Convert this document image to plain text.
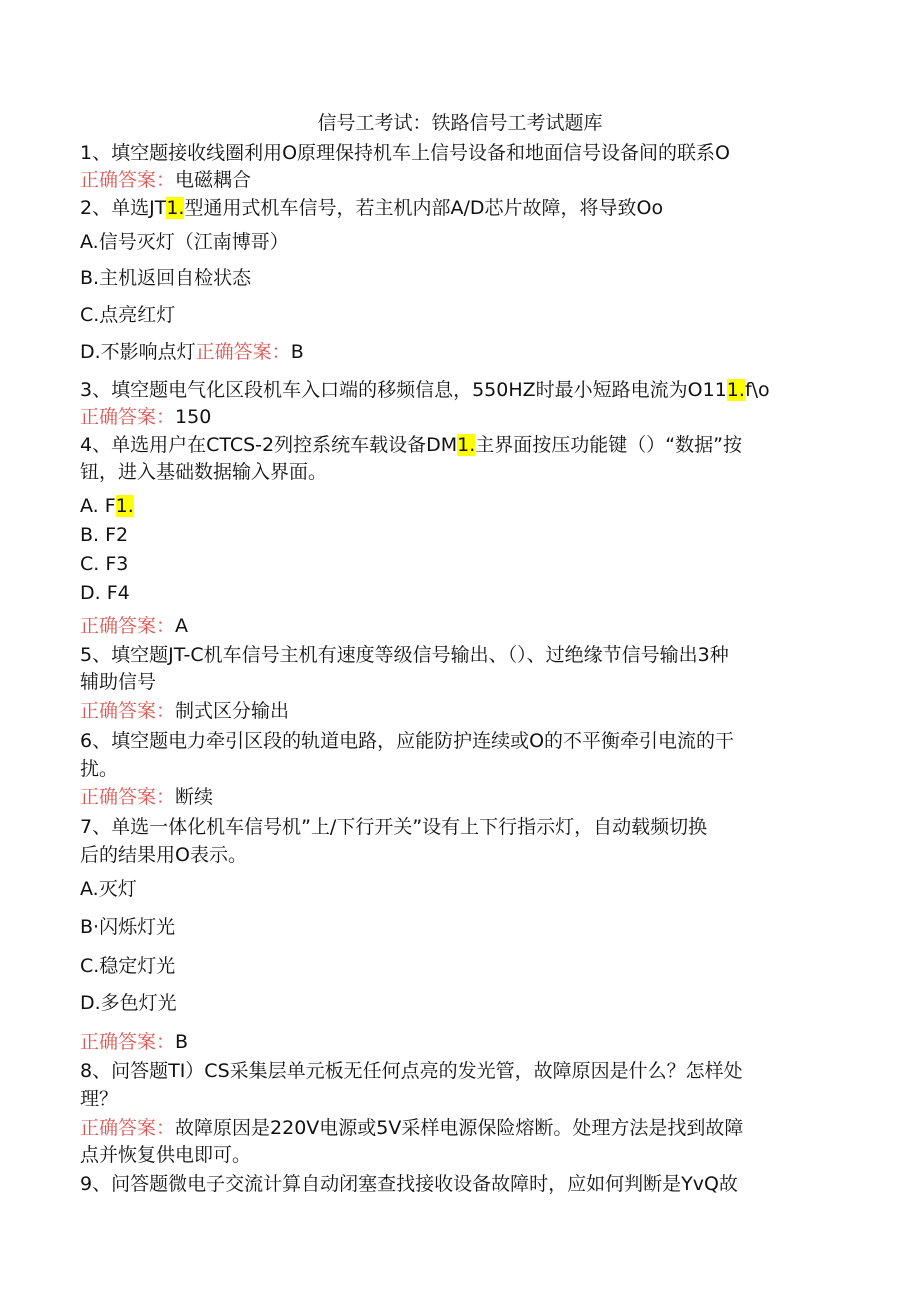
信号工考试：铁路信号工考试题库
1、填空题接收线圈利用O原理保持机车上信号设备和地面信号设备间的联系O
正确答案：电磁耦合
2、单选JT1.型通用式机车信号，若主机内部A/D芯片故障，将导致Oo
A.信号灭灯（江南博哥）
B.主机返回自检状态
C.点亮红灯
D.不影响点灯正确答案：B
3、填空题电气化区段机车入口端的移频信息，550HZ时最小短路电流为O111.f\o
正确答案：150
4、单选用户在CTCS-2列控系统车载设备DM1.主界面按压功能键（）“数据”按
钮，进入基础数据输入界面。
A. F1.
B. F2
C. F3
D. F4
正确答案：A
5、填空题JT-C机车信号主机有速度等级信号输出、（）、过绝缘节信号输出3种
辅助信号
正确答案：制式区分输出
6、填空题电力牵引区段的轨道电路，应能防护连续或O的不平衡牵引电流的干
扰。
正确答案：断续
7、单选一体化机车信号机”上/下行开关”设有上下行指示灯，自动载频切换
后的结果用O表示。
A.灭灯
B·闪烁灯光
C.稳定灯光
D.多色灯光
正确答案：B
8、问答题TI）CS采集层单元板无任何点亮的发光管，故障原因是什么？怎样处
理？
正确答案：故障原因是220V电源或5V采样电源保险熔断。处理方法是找到故障
点并恢复供电即可。
9、问答题微电子交流计算自动闭塞查找接收设备故障时，应如何判断是YvQ故
